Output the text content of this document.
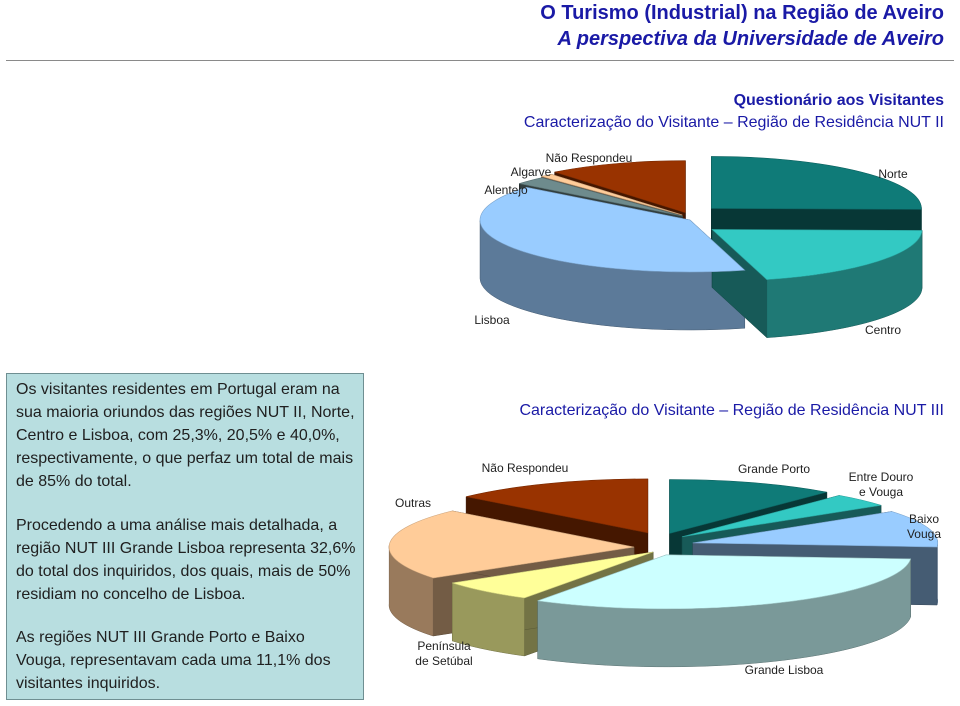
O Turismo (Industrial) na Região de Aveiro
A perspectiva da Universidade de Aveiro
Questionário aos Visitantes
Caracterização do Visitante – Região de Residência NUT II
Norte
Centro
Lisboa
Alentejo
Algarve
Não Respondeu
Grande Porto
Entre Douro e Vouga
Baixo Vouga
Grande Lisboa
Península de Setúbal
Outras
Não Respondeu
Caracterização do Visitante – Região de Residência NUT III

Os visitantes residentes em Portugal eram na sua maioria oriundos das regiões NUT II, Norte, Centro e Lisboa, com 25,3%, 20,5% e 40,0%, respectivamente, o que perfaz um total de mais de 85% do total.

Procedendo a uma análise mais detalhada, a região NUT III Grande Lisboa representa 32,6% do total dos inquiridos, dos quais, mais de 50% residiam no concelho de Lisboa.

As regiões NUT III Grande Porto e Baixo Vouga, representavam cada uma 11,1% dos visitantes inquiridos.
